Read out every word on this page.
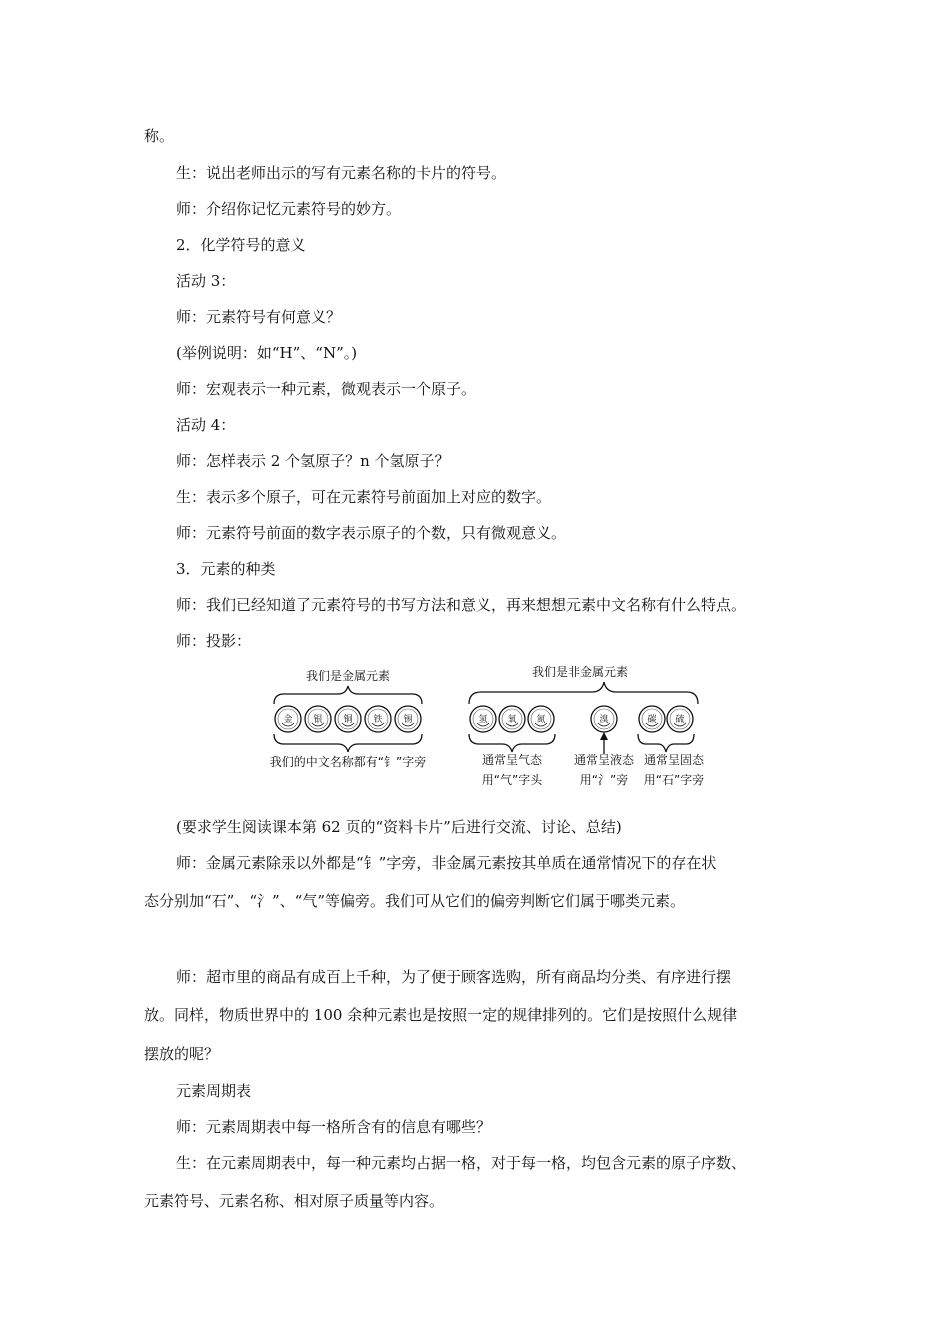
称。
生：说出老师出示的写有元素名称的卡片的符号。
师：介绍你记忆元素符号的妙方。
2．化学符号的意义
活动 3：
师：元素符号有何意义？
(举例说明：如“H”、“N”。)
师：宏观表示一种元素，微观表示一个原子。
活动 4：
师：怎样表示 2 个氢原子？n 个氢原子？
生：表示多个原子，可在元素符号前面加上对应的数字。
师：元素符号前面的数字表示原子的个数，只有微观意义。
3．元素的种类
师：我们已经知道了元素符号的书写方法和意义，再来想想元素中文名称有什么特点。
师：投影：
(要求学生阅读课本第 62 页的“资料卡片”后进行交流、讨论、总结)
师：金属元素除汞以外都是“钅”字旁，非金属元素按其单质在通常情况下的存在状
态分别加“石”、“氵”、“气”等偏旁。我们可从它们的偏旁判断它们属于哪类元素。
师：超市里的商品有成百上千种，为了便于顾客选购，所有商品均分类、有序进行摆
放。同样，物质世界中的 100 余种元素也是按照一定的规律排列的。它们是按照什么规律
摆放的呢？
元素周期表
师：元素周期表中每一格所含有的信息有哪些？
生：在元素周期表中，每一种元素均占据一格，对于每一格，均包含元素的原子序数、
元素符号、元素名称、相对原子质量等内容。
我们是金属元素	我们是非金属元素
金 银 铜 铁 锡	氢 氧 氮	溴	碳 硫
我们的中文名称都有“钅”字旁	通常呈气态
用“气”字头
通常呈液态
用“氵”旁
通常呈固态
用“石”字旁
